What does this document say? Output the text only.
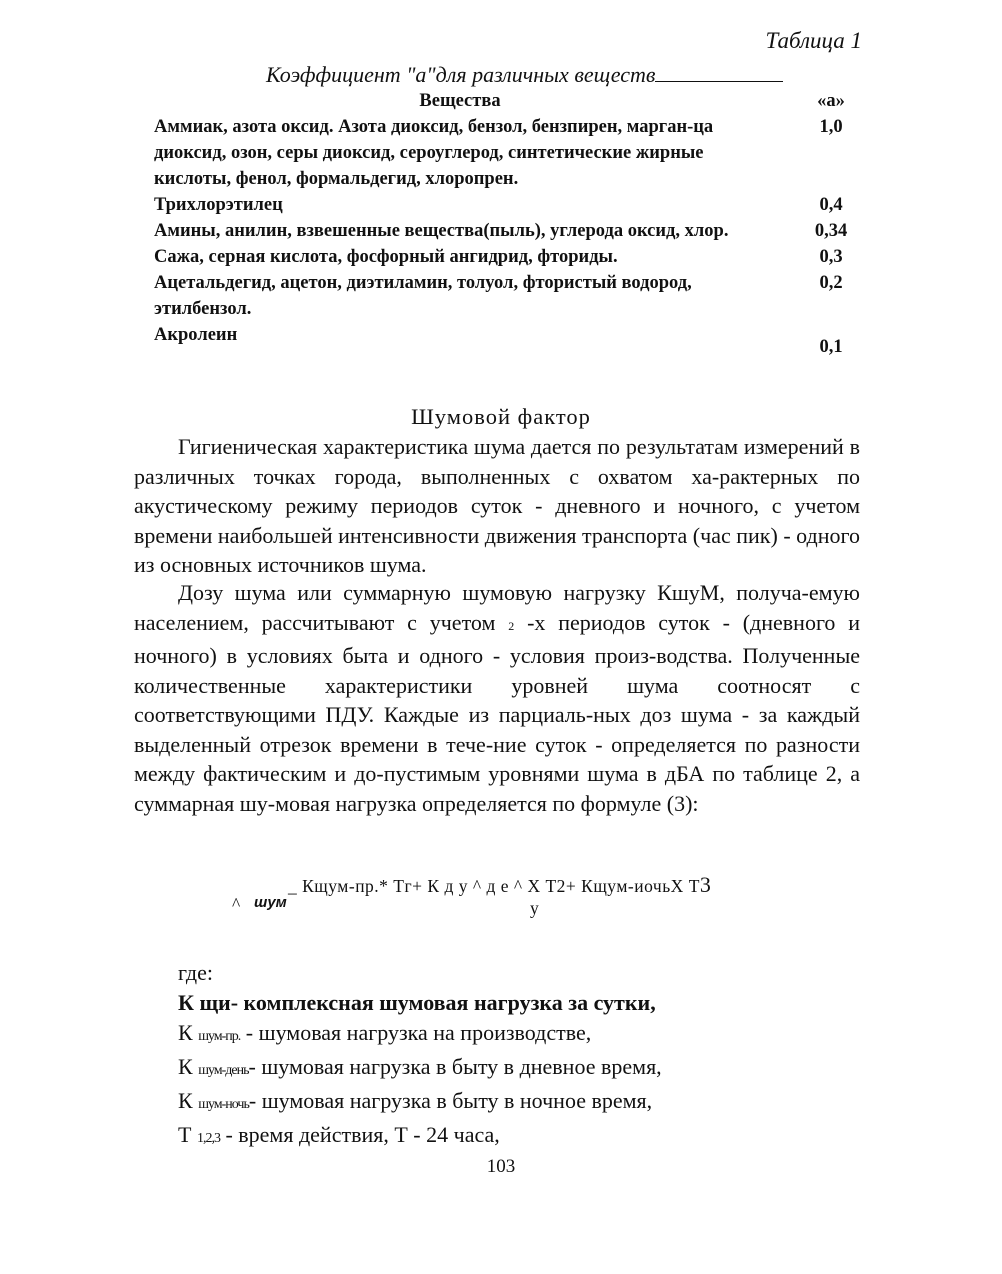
Таблица 1
Коэффициент "а"для различных веществ
Вещества	«а»
Аммиак, азота оксид. Азота диоксид, бензол, бензпирен, марган-ца диоксид, озон, серы диоксид, сероуглерод, синтетические жирные кислоты, фенол, формальдегид, хлоропрен.	1,0
Трихлорэтилец	0,4
Амины, анилин, взвешенные вещества(пыль), углерода оксид, хлор.	0,34
Сажа, серная кислота, фосфорный ангидрид, фториды.	0,3
Ацетальдегид, ацетон, диэтиламин, толуол, фтористый водород, этилбензол.	0,2
Акролеин	0,1
Шумовой фактор

Гигиеническая характеристика шума дается по результатам измерений в различных точках города, выполненных с охватом ха-рактерных по акустическому режиму периодов суток - дневного и ночного, с учетом времени наибольшей интенсивности движения транспорта (час пик) - одного из основных источников шума.

Дозу шума или суммарную шумовую нагрузку КшуМ, получа-емую населением, рассчитывают с учетом 2 -х периодов суток - (дневного и ночного) в условиях быта и одного - условия произ-водства. Полученные количественные характеристики уровней шума соотносят с соответствующими ПДУ. Каждые из парциаль-ных доз шума - за каждый выделенный отрезок времени в тече-ние суток - определяется по разности между фактическим и до-пустимым уровнями шума в дБА по таблице 2, а суммарная шу-мовая нагрузка определяется по формуле (3):

^ шум
_ Кщум-пр.* Тг+ К д у ^ д е ^ Х Т2+ Кщум-иочьХ Т3
у
где:
К щи- комплексная шумовая нагрузка за сутки,
К шум-пр. - шумовая нагрузка на производстве,
К шум-день- шумовая нагрузка в быту в дневное время,
К шум-ночь- шумовая нагрузка в быту в ночное время,
Т 1,2,3 - время действия, Т - 24 часа,
103
